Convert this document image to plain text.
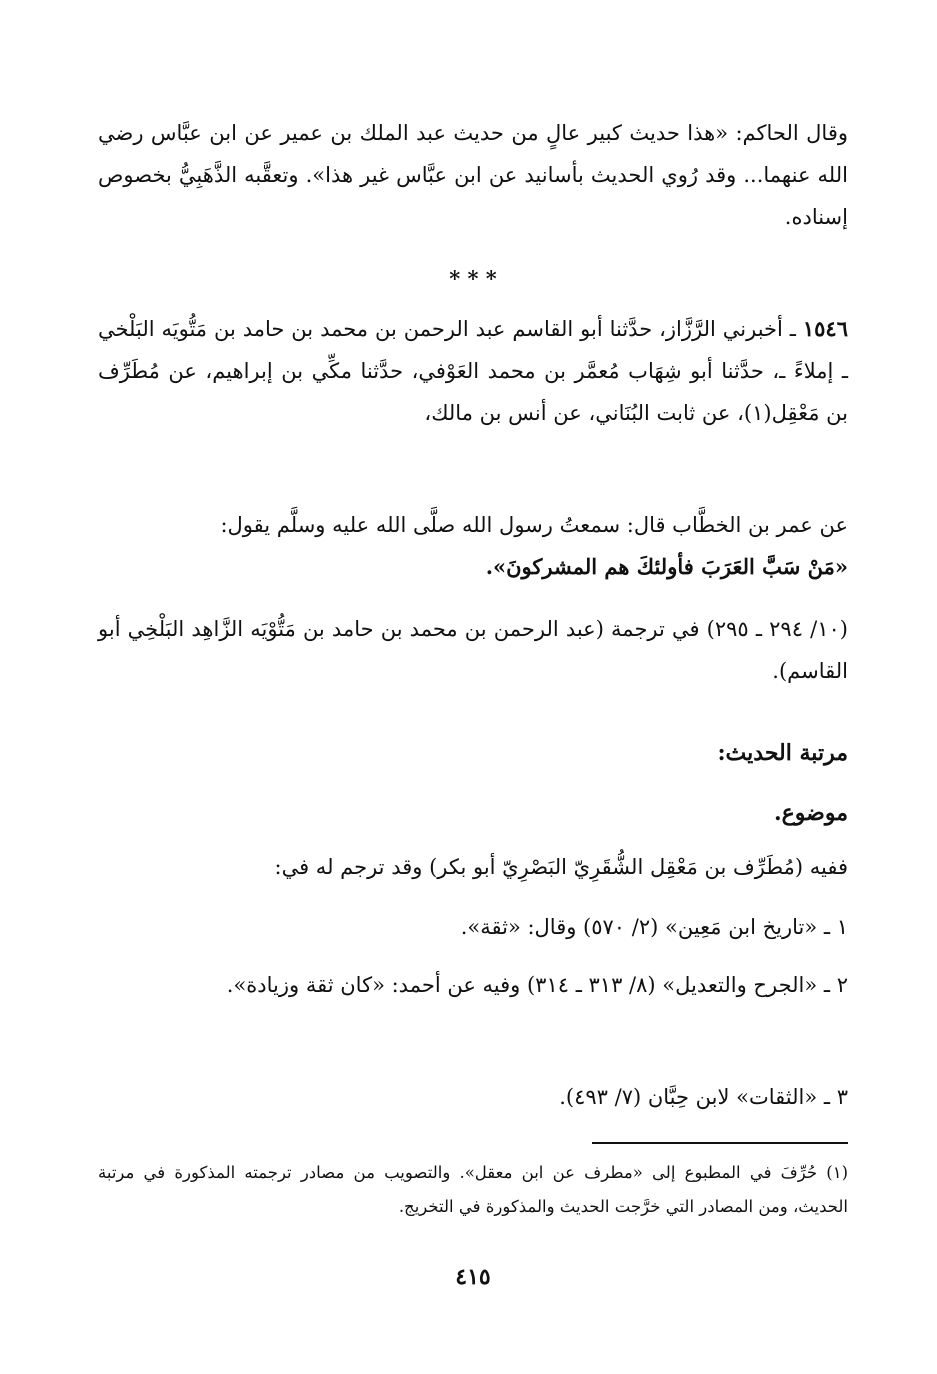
وقال الحاكم: «هذا حديث كبير عالٍ من حديث عبد الملك بن عمير عن ابن عبَّاس رضي الله عنهما... وقد رُوي الحديث بأسانيد عن ابن عبَّاس غير هذا». وتعقَّبه الذَّهَبِيُّ بخصوص إسناده.

* * *

١٥٤٦ ـ أخبرني الرَّزَّاز، حدَّثنا أبو القاسم عبد الرحمن بن محمد بن حامد بن مَتُّويَه البَلْخي ـ إملاءً ـ، حدَّثنا أبو شِهَاب مُعمَّر بن محمد العَوْفي، حدَّثنا مكِّي بن إبراهيم، عن مُطَرِّف بن مَعْقِل(١)، عن ثابت البُنَاني، عن أنس بن مالك،

عن عمر بن الخطَّاب قال: سمعتُ رسول الله صلَّى الله عليه وسلَّم يقول:
«مَنْ سَبَّ العَرَبَ فأولئكَ هم المشركونَ».

(١٠/ ٢٩٤ ـ ٢٩٥) في ترجمة (عبد الرحمن بن محمد بن حامد بن مَتُّوْيَه الزَّاهِد البَلْخِي أبو القاسم).

مرتبة الحديث:

موضوع.

ففيه (مُطَرِّف بن مَعْقِل الشُّقَرِيّ البَصْرِيّ أبو بكر) وقد ترجم له في:

١ ـ «تاريخ ابن مَعِين» (٢/ ٥٧٠) وقال: «ثقة».

٢ ـ «الجرح والتعديل» (٨/ ٣١٣ ـ ٣١٤) وفيه عن أحمد: «كان ثقة وزيادة».

٣ ـ «الثقات» لابن حِبَّان (٧/ ٤٩٣).

(١) حُرِّفَ في المطبوع إلى «مطرف عن ابن معقل». والتصويب من مصادر ترجمته المذكورة في مرتبة الحديث، ومن المصادر التي خرَّجت الحديث والمذكورة في التخريج.

٤١٥
